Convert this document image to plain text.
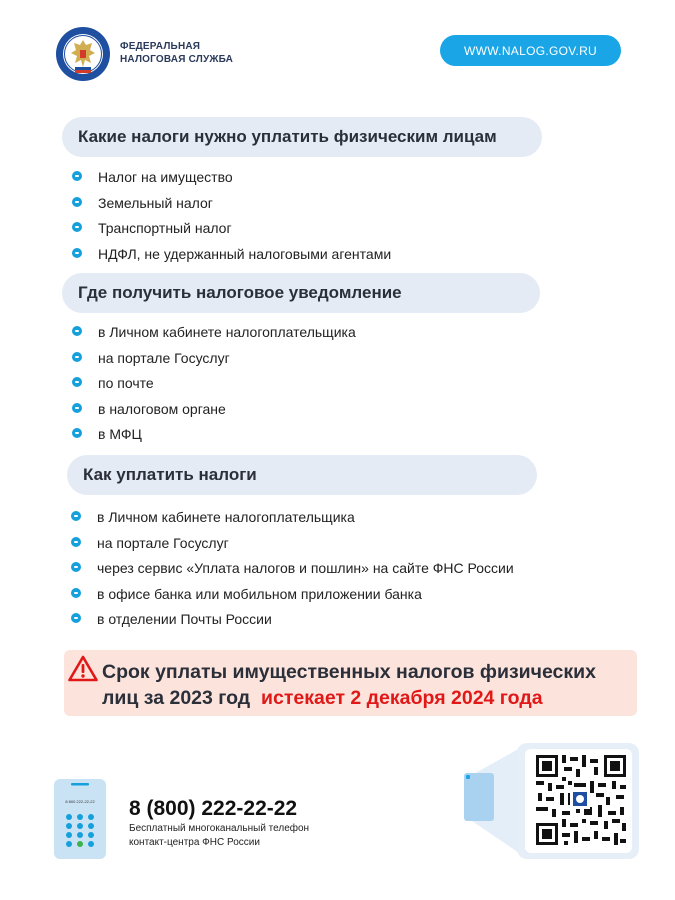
ФЕДЕРАЛЬНАЯ
НАЛОГОВАЯ СЛУЖБА
WWW.NALOG.GOV.RU
Какие налоги нужно уплатить физическим лицам
Налог на имущество
Земельный налог
Транспортный налог
НДФЛ, не удержанный налоговыми агентами
Где получить налоговое уведомление
в Личном кабинете налогоплательщика
на портале Госуслуг
по почте
в налоговом органе
в МФЦ
Как уплатить налоги
в Личном кабинете налогоплательщика
на портале Госуслуг
через сервис «Уплата налогов и пошлин» на сайте ФНС России
в офисе банка или мобильном приложении банка
в отделении Почты России
Срок уплаты имущественных налогов физических
лиц за 2023 год истекает 2 декабря 2024 года
8 800 222-22-22 8 (800) 222-22-22
Бесплатный многоканальный телефон
контакт-центра ФНС России
